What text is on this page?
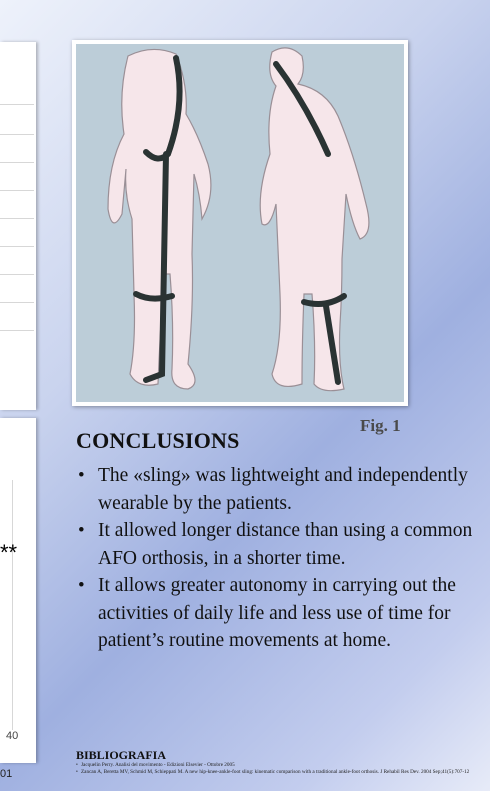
**
40
01
Fig. 1
CONCLUSIONS
• The «sling» was lightweight and independently wearable by the patients.
• It allowed longer distance than using a common AFO orthosis, in a shorter time.
• It allows greater autonomy in carrying out the activities of daily life and less use of time for patient’s routine movements at home.
BIBLIOGRAFIA
• Jacquelin Perry. Analisi del movimento - Edizioni Elsevier - Ottobre 2005
• Zancan A, Beretta MV, Schmid M, Schieppati M. A new hip-knee-ankle-foot sling: kinematic comparison with a traditional ankle-foot orthosis. J Rehabil Res Dev. 2004 Sep;41(5):707-12
